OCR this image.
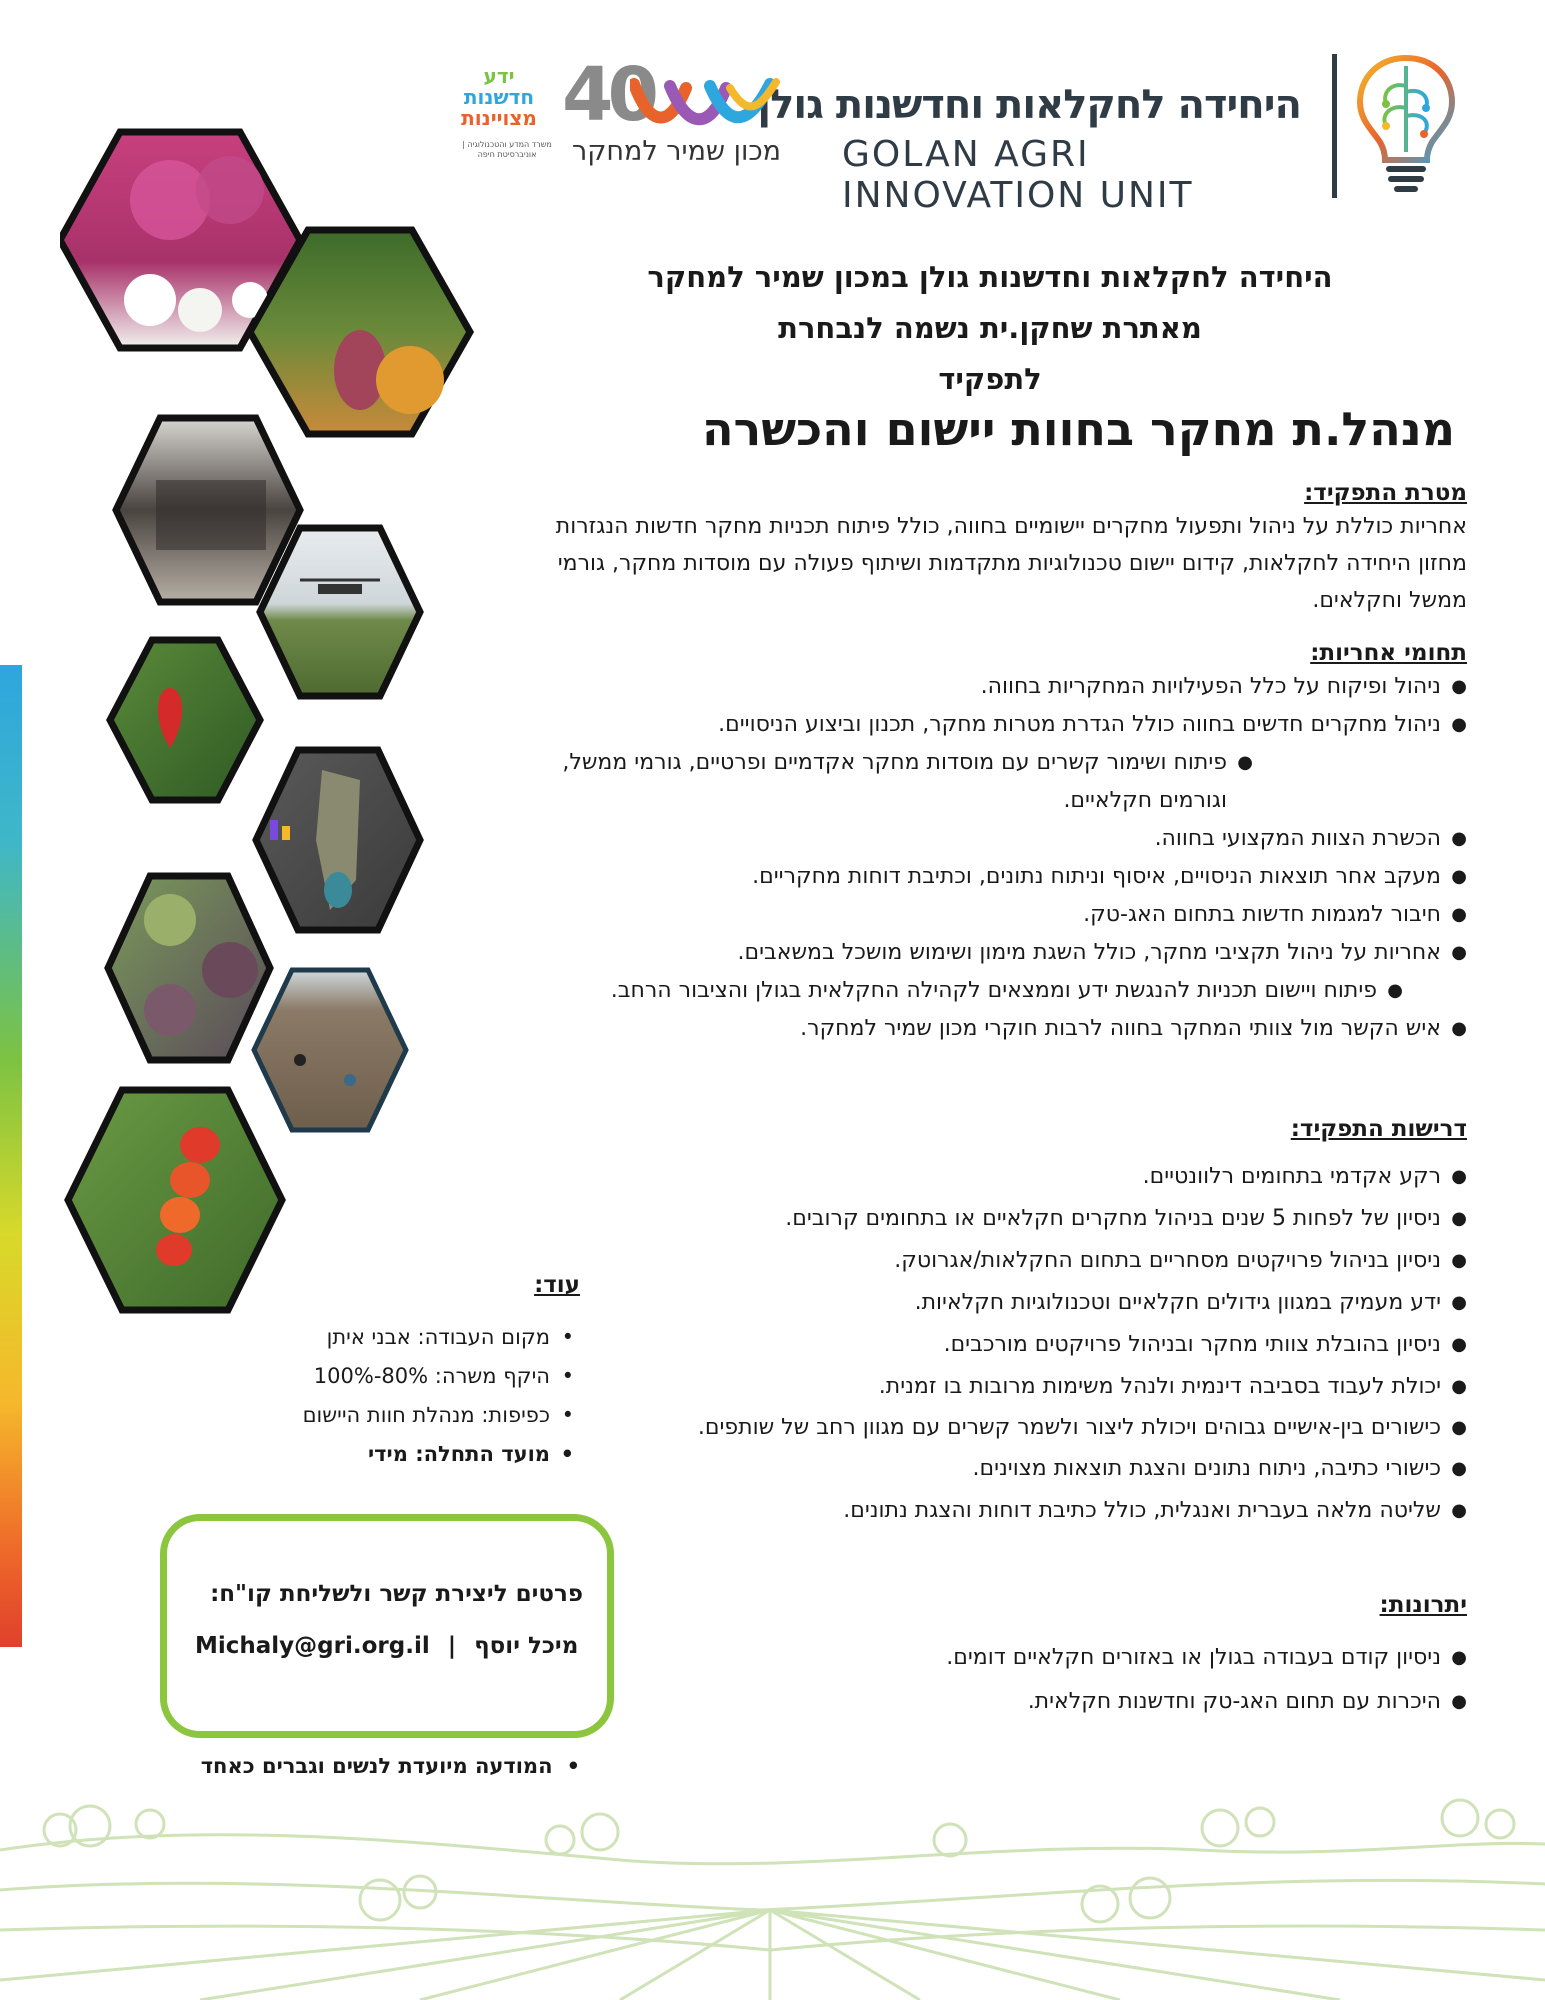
היחידה לחקלאות וחדשנות גולן
GOLAN AGRI INNOVATION UNIT
ידע
חדשנות
מצויינות
משרד המדע והטכנולוגיה | אוניברסיטת חיפה
40
מכון שמיר למחקר
היחידה לחקלאות וחדשנות גולן במכון שמיר למחקר
מאתרת שחקן.ית נשמה לנבחרת
לתפקיד
מנהל.ת מחקר בחוות יישום והכשרה
מטרת התפקיד:
אחריות כוללת על ניהול ותפעול מחקרים יישומיים בחווה, כולל פיתוח תכניות מחקר חדשות הנגזרות מחזון היחידה לחקלאות, קידום יישום טכנולוגיות מתקדמות ושיתוף פעולה עם מוסדות מחקר, גורמי ממשל וחקלאים.
תחומי אחריות:
● ניהול ופיקוח על כלל הפעילויות המחקריות בחווה.
● ניהול מחקרים חדשים בחווה כולל הגדרת מטרות מחקר, תכנון וביצוע הניסויים.
● פיתוח ושימור קשרים עם מוסדות מחקר אקדמיים ופרטיים, גורמי ממשל, וגורמים חקלאיים.
● הכשרת הצוות המקצועי בחווה.
● מעקב אחר תוצאות הניסויים, איסוף וניתוח נתונים, וכתיבת דוחות מחקריים.
● חיבור למגמות חדשות בתחום האג-טק.
● אחריות על ניהול תקציבי מחקר, כולל השגת מימון ושימוש מושכל במשאבים.
● פיתוח ויישום תכניות להנגשת ידע וממצאים לקהילה החקלאית בגולן והציבור הרחב.
● איש הקשר מול צוותי המחקר בחווה לרבות חוקרי מכון שמיר למחקר.
דרישות התפקיד:
● רקע אקדמי בתחומים רלוונטיים.
● ניסיון של לפחות 5 שנים בניהול מחקרים חקלאיים או בתחומים קרובים.
● ניסיון בניהול פרויקטים מסחריים בתחום החקלאות/אגרוטק.
● ידע מעמיק במגוון גידולים חקלאיים וטכנולוגיות חקלאיות.
● ניסיון בהובלת צוותי מחקר ובניהול פרויקטים מורכבים.
● יכולת לעבוד בסביבה דינמית ולנהל משימות מרובות בו זמנית.
● כישורים בין-אישיים גבוהים ויכולת ליצור ולשמר קשרים עם מגוון רחב של שותפים.
● כישורי כתיבה, ניתוח נתונים והצגת תוצאות מצוינים.
● שליטה מלאה בעברית ואנגלית, כולל כתיבת דוחות והצגת נתונים.
יתרונות:
● ניסיון קודם בעבודה בגולן או באזורים חקלאיים דומים.
● היכרות עם תחום האג-טק וחדשנות חקלאית.
עוד:
• מקום העבודה: אבני איתן
• היקף משרה: 80%-100%
• כפיפות: מנהלת חוות היישום
• מועד התחלה: מידי
פרטים ליצירת קשר ולשליחת קו"ח:
Michaly@gri.org.il | מיכל יוסף
•המודעה מיועדת לנשים וגברים כאחד
